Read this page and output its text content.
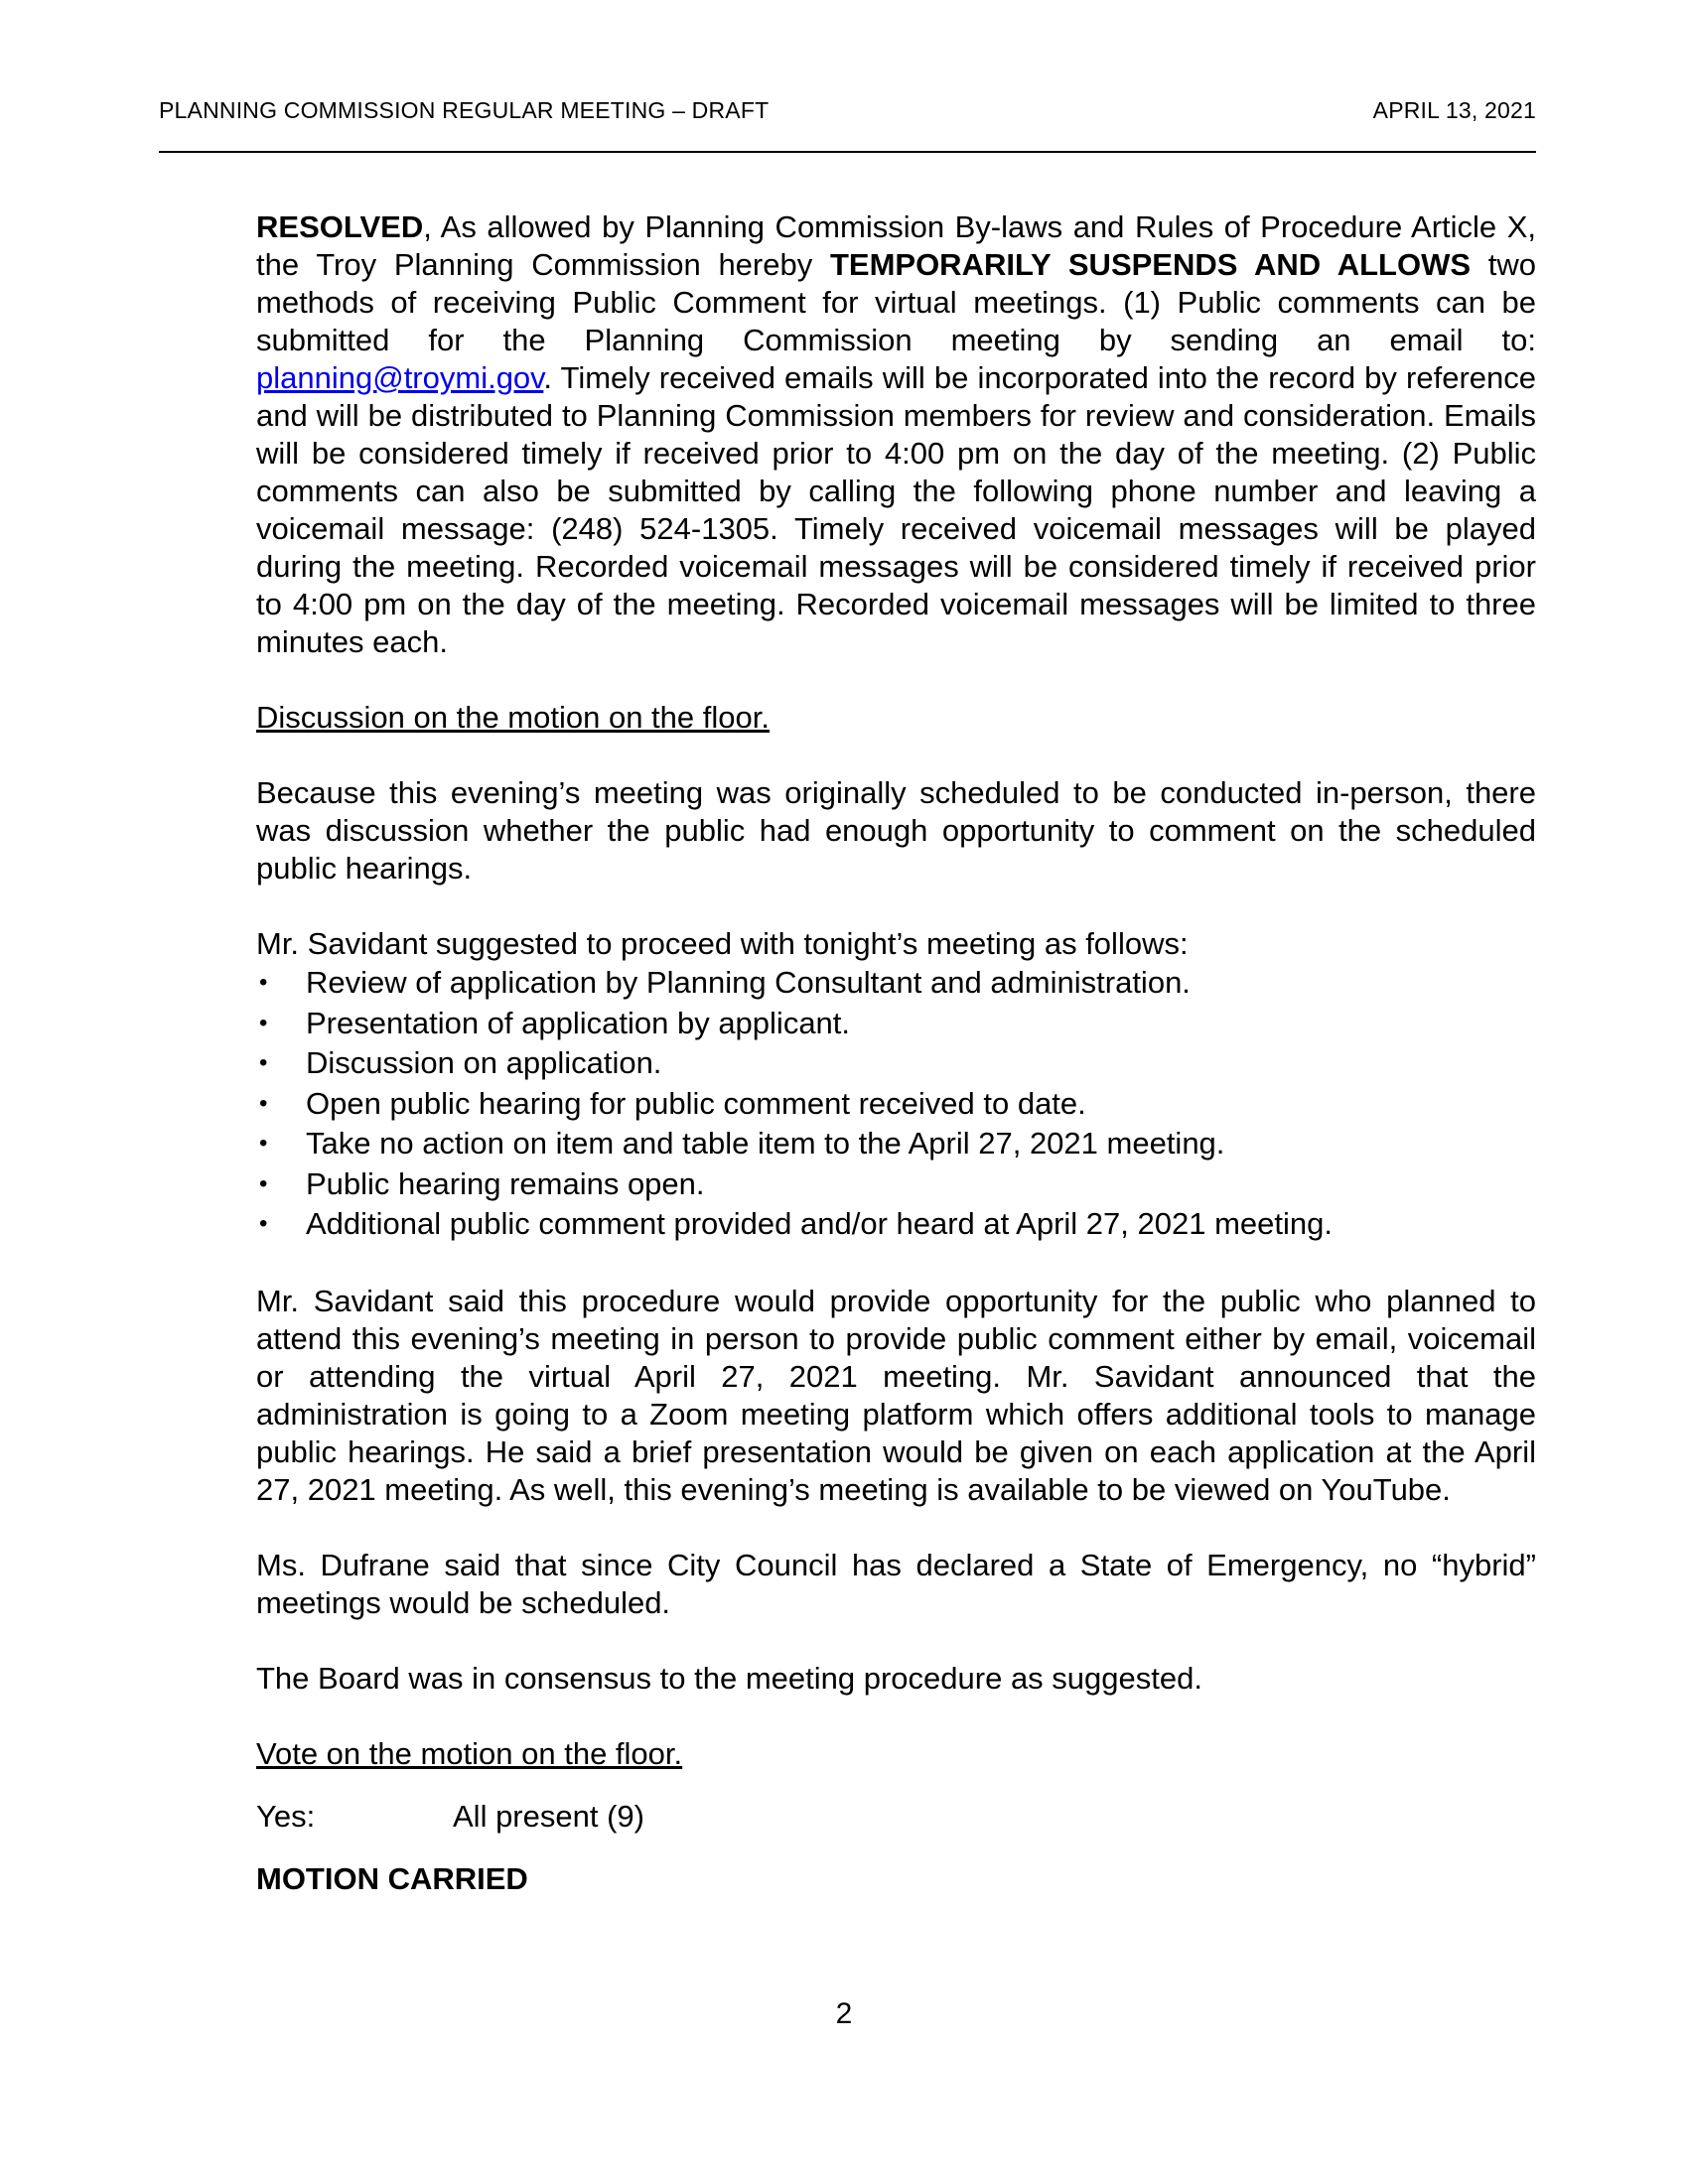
PLANNING COMMISSION REGULAR MEETING – DRAFT	APRIL 13, 2021

RESOLVED, As allowed by Planning Commission By-laws and Rules of Procedure Article X, the Troy Planning Commission hereby TEMPORARILY SUSPENDS AND ALLOWS two methods of receiving Public Comment for virtual meetings. (1) Public comments can be submitted for the Planning Commission meeting by sending an email to: planning@troymi.gov. Timely received emails will be incorporated into the record by reference and will be distributed to Planning Commission members for review and consideration. Emails will be considered timely if received prior to 4:00 pm on the day of the meeting. (2) Public comments can also be submitted by calling the following phone number and leaving a voicemail message: (248) 524-1305. Timely received voicemail messages will be played during the meeting. Recorded voicemail messages will be considered timely if received prior to 4:00 pm on the day of the meeting. Recorded voicemail messages will be limited to three minutes each.

Discussion on the motion on the floor.

Because this evening’s meeting was originally scheduled to be conducted in-person, there was discussion whether the public had enough opportunity to comment on the scheduled public hearings.

Mr. Savidant suggested to proceed with tonight’s meeting as follows:

• Review of application by Planning Consultant and administration.
• Presentation of application by applicant.
• Discussion on application.
• Open public hearing for public comment received to date.
• Take no action on item and table item to the April 27, 2021 meeting.
• Public hearing remains open.
• Additional public comment provided and/or heard at April 27, 2021 meeting.

Mr. Savidant said this procedure would provide opportunity for the public who planned to attend this evening’s meeting in person to provide public comment either by email, voicemail or attending the virtual April 27, 2021 meeting. Mr. Savidant announced that the administration is going to a Zoom meeting platform which offers additional tools to manage public hearings. He said a brief presentation would be given on each application at the April 27, 2021 meeting. As well, this evening’s meeting is available to be viewed on YouTube.

Ms. Dufrane said that since City Council has declared a State of Emergency, no “hybrid” meetings would be scheduled.

The Board was in consensus to the meeting procedure as suggested.

Vote on the motion on the floor.

Yes:	All present (9)

MOTION CARRIED

2
